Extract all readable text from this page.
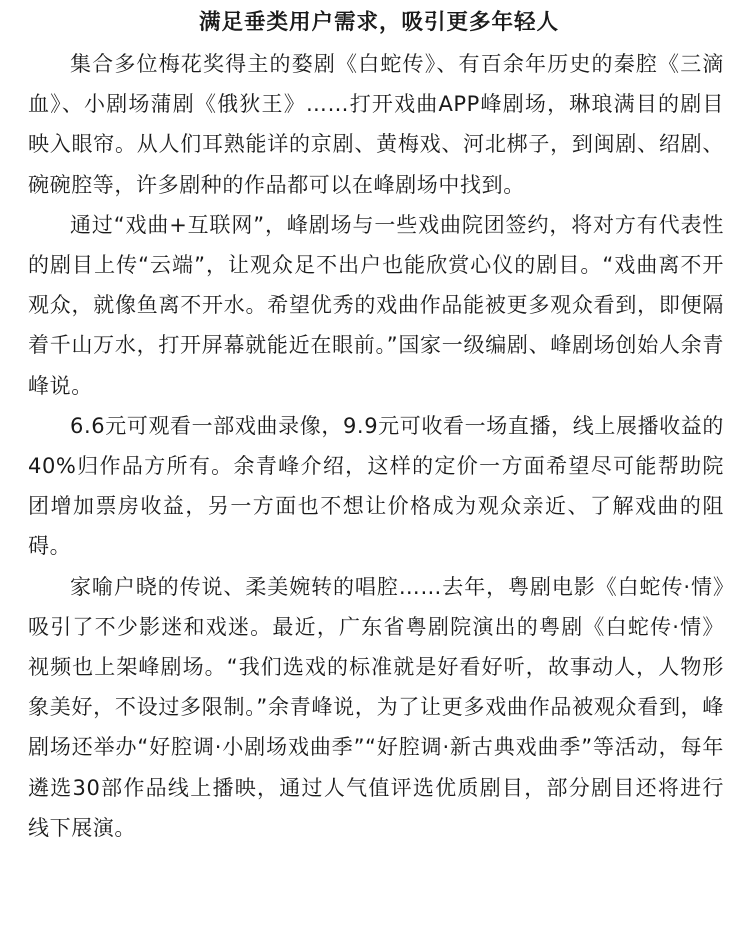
满足垂类用户需求，吸引更多年轻人

集合多位梅花奖得主的婺剧《白蛇传》、有百余年历史的秦腔《三滴血》、小剧场蒲剧《俄狄王》……打开戏曲APP峰剧场，琳琅满目的剧目映入眼帘。从人们耳熟能详的京剧、黄梅戏、河北梆子，到闽剧、绍剧、碗碗腔等，许多剧种的作品都可以在峰剧场中找到。

通过“戏曲+互联网”，峰剧场与一些戏曲院团签约，将对方有代表性的剧目上传“云端”，让观众足不出户也能欣赏心仪的剧目。“戏曲离不开观众，就像鱼离不开水。希望优秀的戏曲作品能被更多观众看到，即便隔着千山万水，打开屏幕就能近在眼前。”国家一级编剧、峰剧场创始人余青峰说。

6.6元可观看一部戏曲录像，9.9元可收看一场直播，线上展播收益的40%归作品方所有。余青峰介绍，这样的定价一方面希望尽可能帮助院团增加票房收益，另一方面也不想让价格成为观众亲近、了解戏曲的阻碍。

家喻户晓的传说、柔美婉转的唱腔……去年，粤剧电影《白蛇传·情》吸引了不少影迷和戏迷。最近，广东省粤剧院演出的粤剧《白蛇传·情》视频也上架峰剧场。“我们选戏的标准就是好看好听，故事动人，人物形象美好，不设过多限制。”余青峰说，为了让更多戏曲作品被观众看到，峰剧场还举办“好腔调·小剧场戏曲季”“好腔调·新古典戏曲季”等活动，每年遴选30部作品线上播映，通过人气值评选优质剧目，部分剧目还将进行线下展演。
